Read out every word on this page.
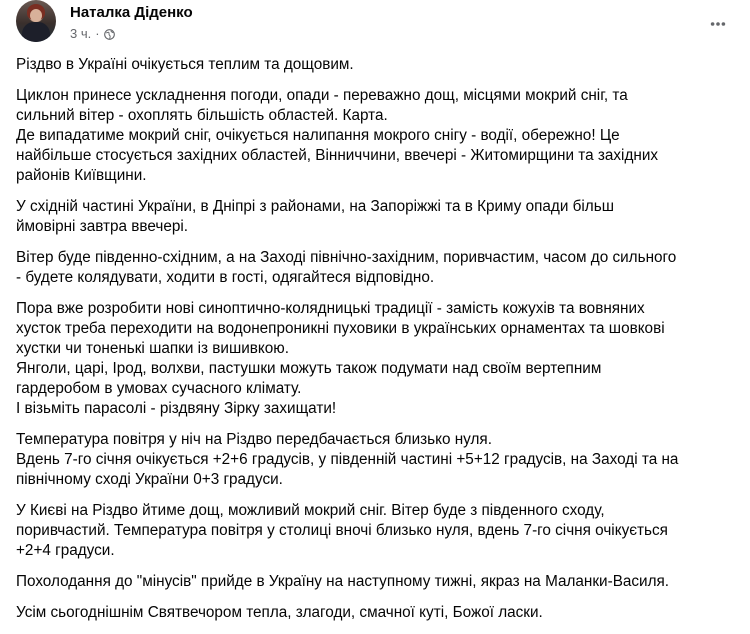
Наталка Діденко
3 ч. ·

Різдво в Україні очікується теплим та дощовим.

Циклон принесе ускладнення погоди, опади - переважно дощ, місцями мокрий сніг, та
сильний вітер - охоплять більшість областей. Карта.
Де випадатиме мокрий сніг, очікується налипання мокрого снігу - водії, обережно! Це
найбільше стосується західних областей, Вінниччини, ввечері - Житомирщини та західних
районів Київщини.

У східній частині України, в Дніпрі з районами, на Запоріжжі та в Криму опади більш
ймовірні завтра ввечері.

Вітер буде південно-східним, а на Заході північно-західним, поривчастим, часом до сильного
- будете колядувати, ходити в гості, одягайтеся відповідно.

Пора вже розробити нові синоптично-колядницькі традиції - замість кожухів та вовняних
хусток треба переходити на водонепроникні пуховики в українських орнаментах та шовкові
хустки чи тоненькі шапки із вишивкою.
Янголи, царі, Ірод, волхви, пастушки можуть також подумати над своїм вертепним
гардеробом в умовах сучасного клімату.
І візьміть парасолі - різдвяну Зірку захищати!

Температура повітря у ніч на Різдво передбачається близько нуля.
Вдень 7-го січня очікується +2+6 градусів, у південній частині +5+12 градусів, на Заході та на
північному сході України 0+3 градуси.

У Києві на Різдво йтиме дощ, можливий мокрий сніг. Вітер буде з південного сходу,
поривчастий. Температура повітря у столиці вночі близько нуля, вдень 7-го січня очікується
+2+4 градуси.

Похолодання до "мінусів" прийде в Україну на наступному тижні, якраз на Маланки-Василя.

Усім сьогоднішнім Святвечором тепла, злагоди, смачної куті, Божої ласки.
